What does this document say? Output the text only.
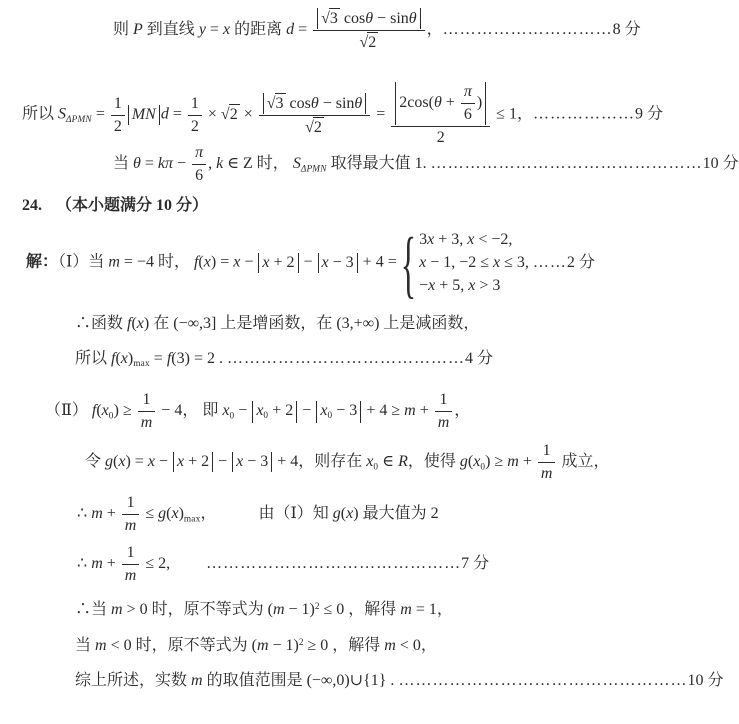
则 P 到直线 y = x 的距离 $d = \frac{√3 \cos\theta - \sin\theta}{√2}$ ，…………………………8 分
所以 $S_{\Delta PMN} = \frac{1}{2}$ MN $d = \frac{1}{2} \times √2 \times \frac{√3 \cos\theta - \sin\theta}{√2} = \frac{2\cos(\theta + \frac{\pi}{6} )}{2} \le 1$，………………9 分
当 $\theta = k\pi - \frac{\pi}{6}$ , k ∈ Z 时， $S_{\Delta PMN}$ 取得最大值 1. …………………………………………10 分
24. （本小题满分 10 分）
解：（Ⅰ）当 m = −4 时， f(x) = x − x + 2 − x − 3 + 4 = { 3x + 3, x < −2,
x − 1, −2 ≤ x ≤ 3, ……2 分
−x + 5, x > 3
∴函数 f(x) 在 (−∞,3] 上是增函数，在 (3,+∞) 上是减函数，
所以 $f(x)_{max} = f(3) = 2$ . ……………………………………4 分
（Ⅱ） $f(x_0) \ge \frac{1}{m} - 4$， 即 $x_0 - x_0 + 2 - x_0 - 3 + 4 \ge m + \frac{1}{m}$ ，
令 g(x) = x − x + 2 − x − 3 + 4，则存在 $x_0$ ∈ R，使得 $g(x_0) \ge m + \frac{1}{m}$ 成立，
∴ $m + \frac{1}{m} \le g(x)_{max}$，	由（Ⅰ）知 g(x) 最大值为 2
∴ $m + \frac{1}{m} \le 2$, ………………………………………7 分
∴当 m > 0 时，原不等式为 $(m - 1)^2 \le 0$ ，解得 m = 1，
当 m < 0 时，原不等式为 $(m - 1)^2 \ge 0$ ，解得 m < 0，
综上所述，实数 m 的取值范围是 (−∞,0)∪{1} . ……………………………………………10 分
